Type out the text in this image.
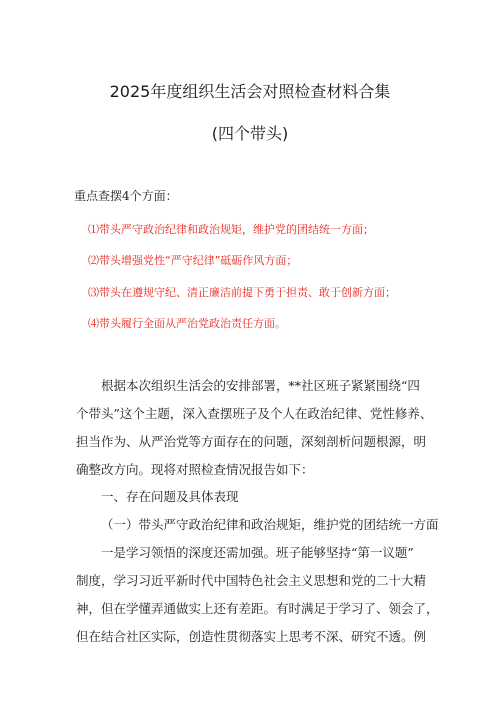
2025年度组织生活会对照检查材料合集
(四个带头)
重点查摆4个方面：
⑴带头严守政治纪律和政治规矩，维护党的团结统一方面；
⑵带头增强党性“严守纪律”砥砺作风方面；
⑶带头在遵规守纪、清正廉洁前提下勇于担责、敢于创新方面；
⑷带头履行全面从严治党政治责任方面。
根据本次组织生活会的安排部署，**社区班子紧紧围绕“四
个带头”这个主题，深入查摆班子及个人在政治纪律、党性修养、
担当作为、从严治党等方面存在的问题，深刻剖析问题根源，明
确整改方向。现将对照检查情况报告如下：
一、存在问题及具体表现
（一）带头严守政治纪律和政治规矩，维护党的团结统一方面
一是学习领悟的深度还需加强。班子能够坚持“第一议题”
制度，学习习近平新时代中国特色社会主义思想和党的二十大精
神，但在学懂弄通做实上还有差距。有时满足于学习了、领会了，
但在结合社区实际，创造性贯彻落实上思考不深、研究不透。例
